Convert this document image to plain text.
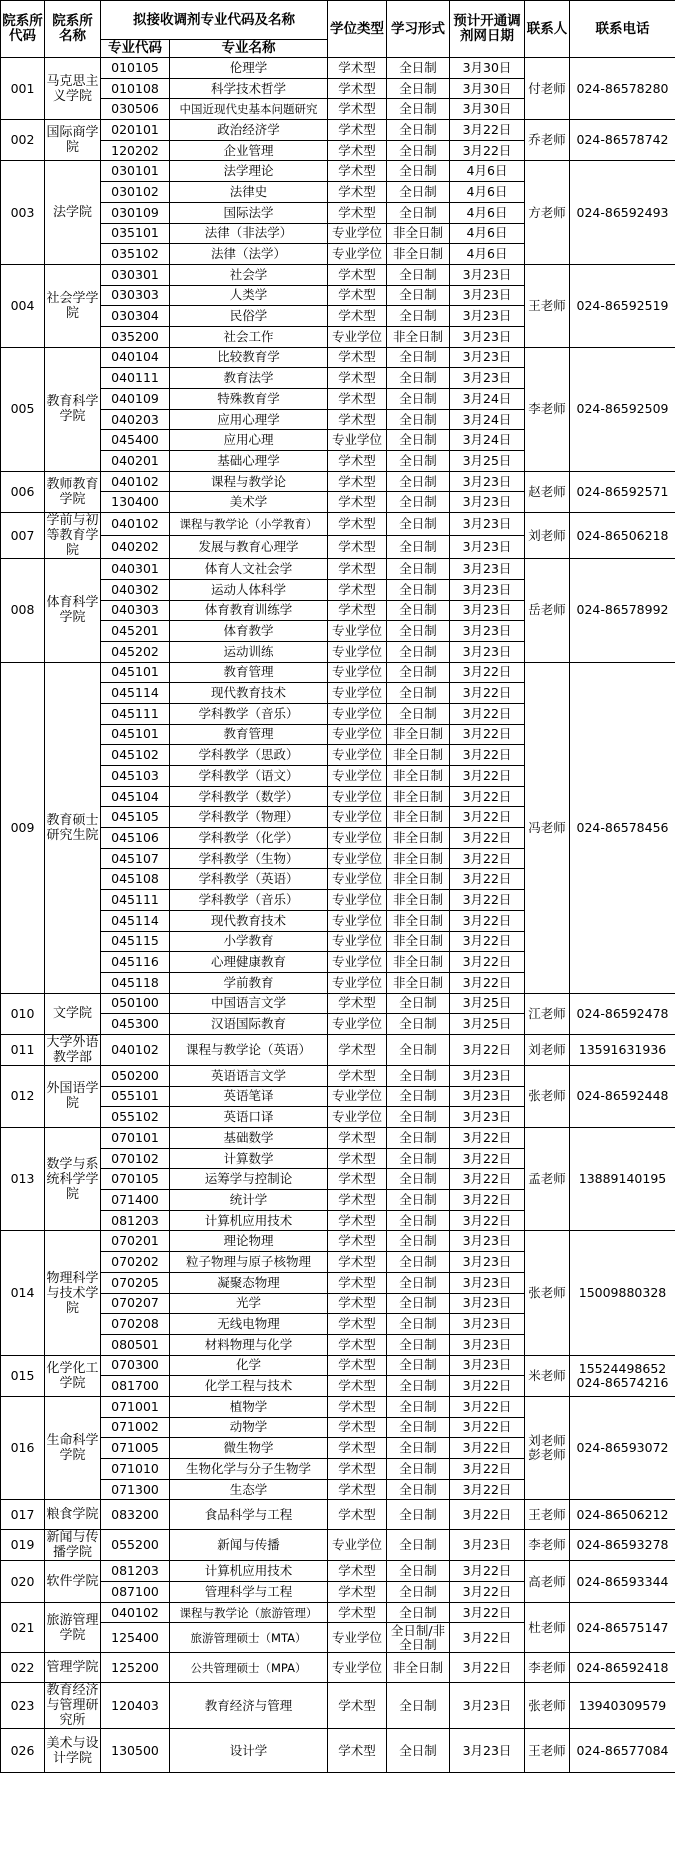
院系所代码	院系所名称	拟接收调剂专业代码及名称		学位类型	学习形式	预计开通调剂网日期	联系人	联系电话
		专业代码	专业名称					
001	马克思主义学院	010105	伦理学	学术型	全日制	3月30日	付老师	024-86578280

		010108	科学技术哲学	学术型	全日制	3月30日		
		030506	中国近现代史基本问题研究	学术型	全日制	3月30日		
002	国际商学院	020101	政治经济学	学术型	全日制	3月22日	乔老师	024-86578742

		120202	企业管理	学术型	全日制	3月22日		
003	法学院	030101	法学理论	学术型	全日制	4月6日	方老师	024-86592493

		030102	法律史	学术型	全日制	4月6日		
		030109	国际法学	学术型	全日制	4月6日		
		035101	法律（非法学）	专业学位	非全日制	4月6日		
		035102	法律（法学）	专业学位	非全日制	4月6日		
004	社会学学院	030301	社会学	学术型	全日制	3月23日	王老师	024-86592519

		030303	人类学	学术型	全日制	3月23日		
		030304	民俗学	学术型	全日制	3月23日		
		035200	社会工作	专业学位	非全日制	3月23日		
005	教育科学学院	040104	比较教育学	学术型	全日制	3月23日	李老师	024-86592509

		040111	教育法学	学术型	全日制	3月23日		
		040109	特殊教育学	学术型	全日制	3月24日		
		040203	应用心理学	学术型	全日制	3月24日		
		045400	应用心理	专业学位	全日制	3月24日		
		040201	基础心理学	学术型	全日制	3月25日		
006	教师教育学院	040102	课程与教学论	学术型	全日制	3月23日	赵老师	024-86592571

		130400	美术学	学术型	全日制	3月23日		
007	学前与初等教育学院	040102	课程与教学论（小学教育）	学术型	全日制	3月23日	刘老师	024-86506218

		040202	发展与教育心理学	学术型	全日制	3月23日		
008	体育科学学院	040301	体育人文社会学	学术型	全日制	3月23日	岳老师	024-86578992

		040302	运动人体科学	学术型	全日制	3月23日		
		040303	体育教育训练学	学术型	全日制	3月23日		
		045201	体育教学	专业学位	全日制	3月23日		
		045202	运动训练	专业学位	全日制	3月23日		
009	教育硕士研究生院	045101	教育管理	专业学位	全日制	3月22日	冯老师	024-86578456

		045114	现代教育技术	专业学位	全日制	3月22日		
		045111	学科教学（音乐）	专业学位	全日制	3月22日		
		045101	教育管理	专业学位	非全日制	3月22日		
		045102	学科教学（思政）	专业学位	非全日制	3月22日		
		045103	学科教学（语文）	专业学位	非全日制	3月22日		
		045104	学科教学（数学）	专业学位	非全日制	3月22日		
		045105	学科教学（物理）	专业学位	非全日制	3月22日		
		045106	学科教学（化学）	专业学位	非全日制	3月22日		
		045107	学科教学（生物）	专业学位	非全日制	3月22日		
		045108	学科教学（英语）	专业学位	非全日制	3月22日		
		045111	学科教学（音乐）	专业学位	非全日制	3月22日		
		045114	现代教育技术	专业学位	非全日制	3月22日		
		045115	小学教育	专业学位	非全日制	3月22日		
		045116	心理健康教育	专业学位	非全日制	3月22日		
		045118	学前教育	专业学位	非全日制	3月22日		
010	文学院	050100	中国语言文学	学术型	全日制	3月25日	江老师	024-86592478

		045300	汉语国际教育	专业学位	全日制	3月25日		
011	大学外语教学部	040102	课程与教学论（英语）	学术型	全日制	3月22日	刘老师	13591631936

012	外国语学院	050200	英语语言文学	学术型	全日制	3月23日	张老师	024-86592448

		055101	英语笔译	专业学位	全日制	3月23日		
		055102	英语口译	专业学位	全日制	3月23日		
013	数学与系统科学学院	070101	基础数学	学术型	全日制	3月22日	孟老师	13889140195

		070102	计算数学	学术型	全日制	3月22日		
		070105	运筹学与控制论	学术型	全日制	3月22日		
		071400	统计学	学术型	全日制	3月22日		
		081203	计算机应用技术	学术型	全日制	3月22日		
014	物理科学与技术学院	070201	理论物理	学术型	全日制	3月23日	张老师	15009880328

		070202	粒子物理与原子核物理	学术型	全日制	3月23日		
		070205	凝聚态物理	学术型	全日制	3月23日		
		070207	光学	学术型	全日制	3月23日		
		070208	无线电物理	学术型	全日制	3月23日		
		080501	材料物理与化学	学术型	全日制	3月23日		
015	化学化工学院	070300	化学	学术型	全日制	3月23日	米老师	15524498652
024-86574216

		081700	化学工程与技术	学术型	全日制	3月22日		
016	生命科学学院	071001	植物学	学术型	全日制	3月22日	刘老师
彭老师	024-86593072

		071002	动物学	学术型	全日制	3月22日		
		071005	微生物学	学术型	全日制	3月22日		
		071010	生物化学与分子生物学	学术型	全日制	3月22日		
		071300	生态学	学术型	全日制	3月22日		
017	粮食学院	083200	食品科学与工程	学术型	全日制	3月22日	王老师	024-86506212

019	新闻与传播学院	055200	新闻与传播	专业学位	全日制	3月23日	李老师	024-86593278

020	软件学院	081203	计算机应用技术	学术型	全日制	3月22日	高老师	024-86593344

		087100	管理科学与工程	学术型	全日制	3月22日		
021	旅游管理学院	040102	课程与教学论（旅游管理）	学术型	全日制	3月22日	杜老师	024-86575147

		125400	旅游管理硕士（MTA）	专业学位	全日制/非全日制	3月22日		
022	管理学院	125200	公共管理硕士（MPA）	专业学位	非全日制	3月22日	李老师	024-86592418

023	教育经济与管理研究所	120403	教育经济与管理	学术型	全日制	3月23日	张老师	13940309579

026	美术与设计学院	130500	设计学	学术型	全日制	3月23日	王老师	024-86577084
